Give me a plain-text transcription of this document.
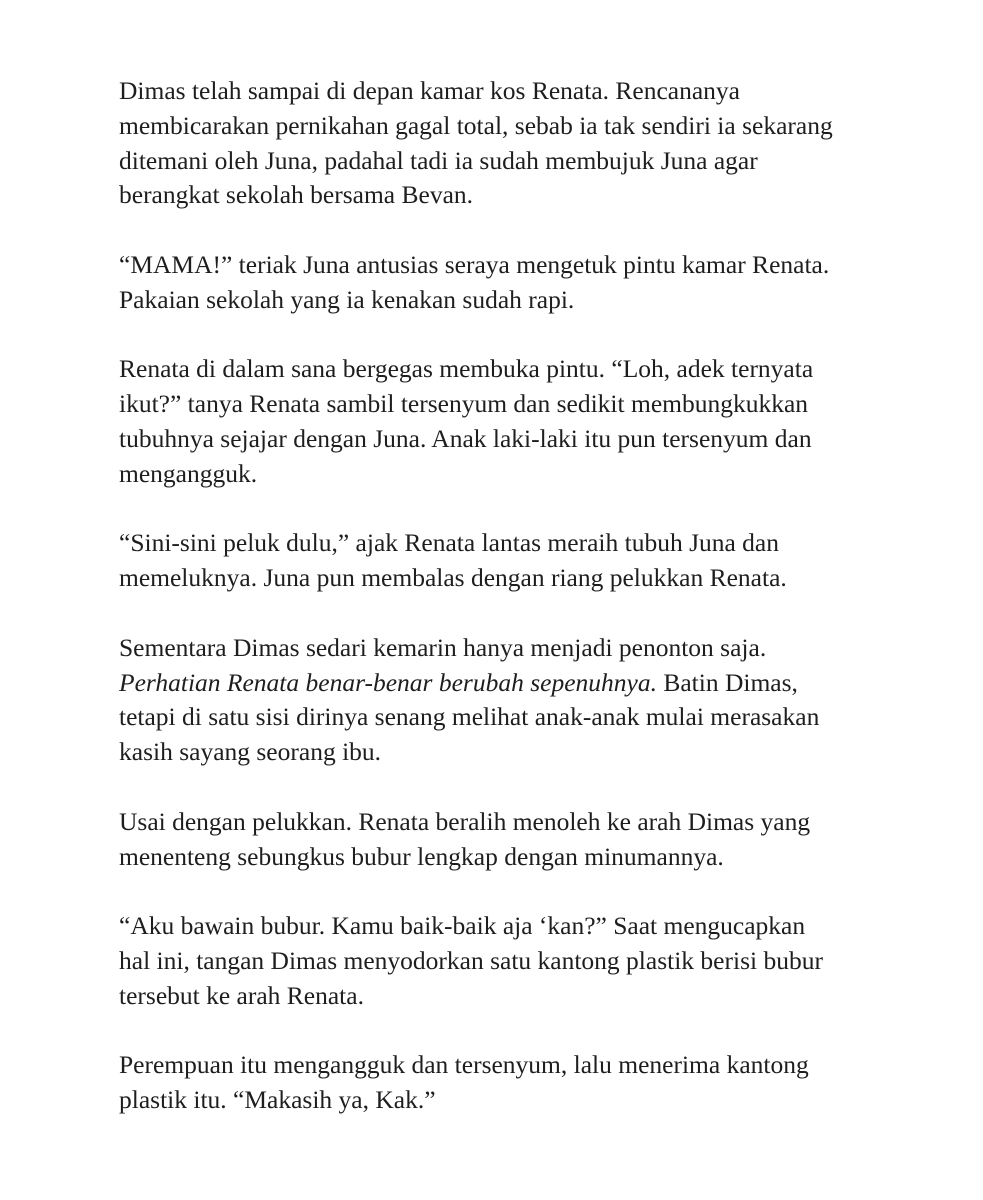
Dimas telah sampai di depan kamar kos Renata. Rencananya
membicarakan pernikahan gagal total, sebab ia tak sendiri ia sekarang
ditemani oleh Juna, padahal tadi ia sudah membujuk Juna agar
berangkat sekolah bersama Bevan.

“MAMA!” teriak Juna antusias seraya mengetuk pintu kamar Renata.
Pakaian sekolah yang ia kenakan sudah rapi.

Renata di dalam sana bergegas membuka pintu. “Loh, adek ternyata
ikut?” tanya Renata sambil tersenyum dan sedikit membungkukkan
tubuhnya sejajar dengan Juna. Anak laki-laki itu pun tersenyum dan
mengangguk.

“Sini-sini peluk dulu,” ajak Renata lantas meraih tubuh Juna dan
memeluknya. Juna pun membalas dengan riang pelukkan Renata.

Sementara Dimas sedari kemarin hanya menjadi penonton saja.
Perhatian Renata benar-benar berubah sepenuhnya. Batin Dimas,
tetapi di satu sisi dirinya senang melihat anak-anak mulai merasakan
kasih sayang seorang ibu.

Usai dengan pelukkan. Renata beralih menoleh ke arah Dimas yang
menenteng sebungkus bubur lengkap dengan minumannya.

“Aku bawain bubur. Kamu baik-baik aja ‘kan?” Saat mengucapkan
hal ini, tangan Dimas menyodorkan satu kantong plastik berisi bubur
tersebut ke arah Renata.

Perempuan itu mengangguk dan tersenyum, lalu menerima kantong
plastik itu. “Makasih ya, Kak.”
